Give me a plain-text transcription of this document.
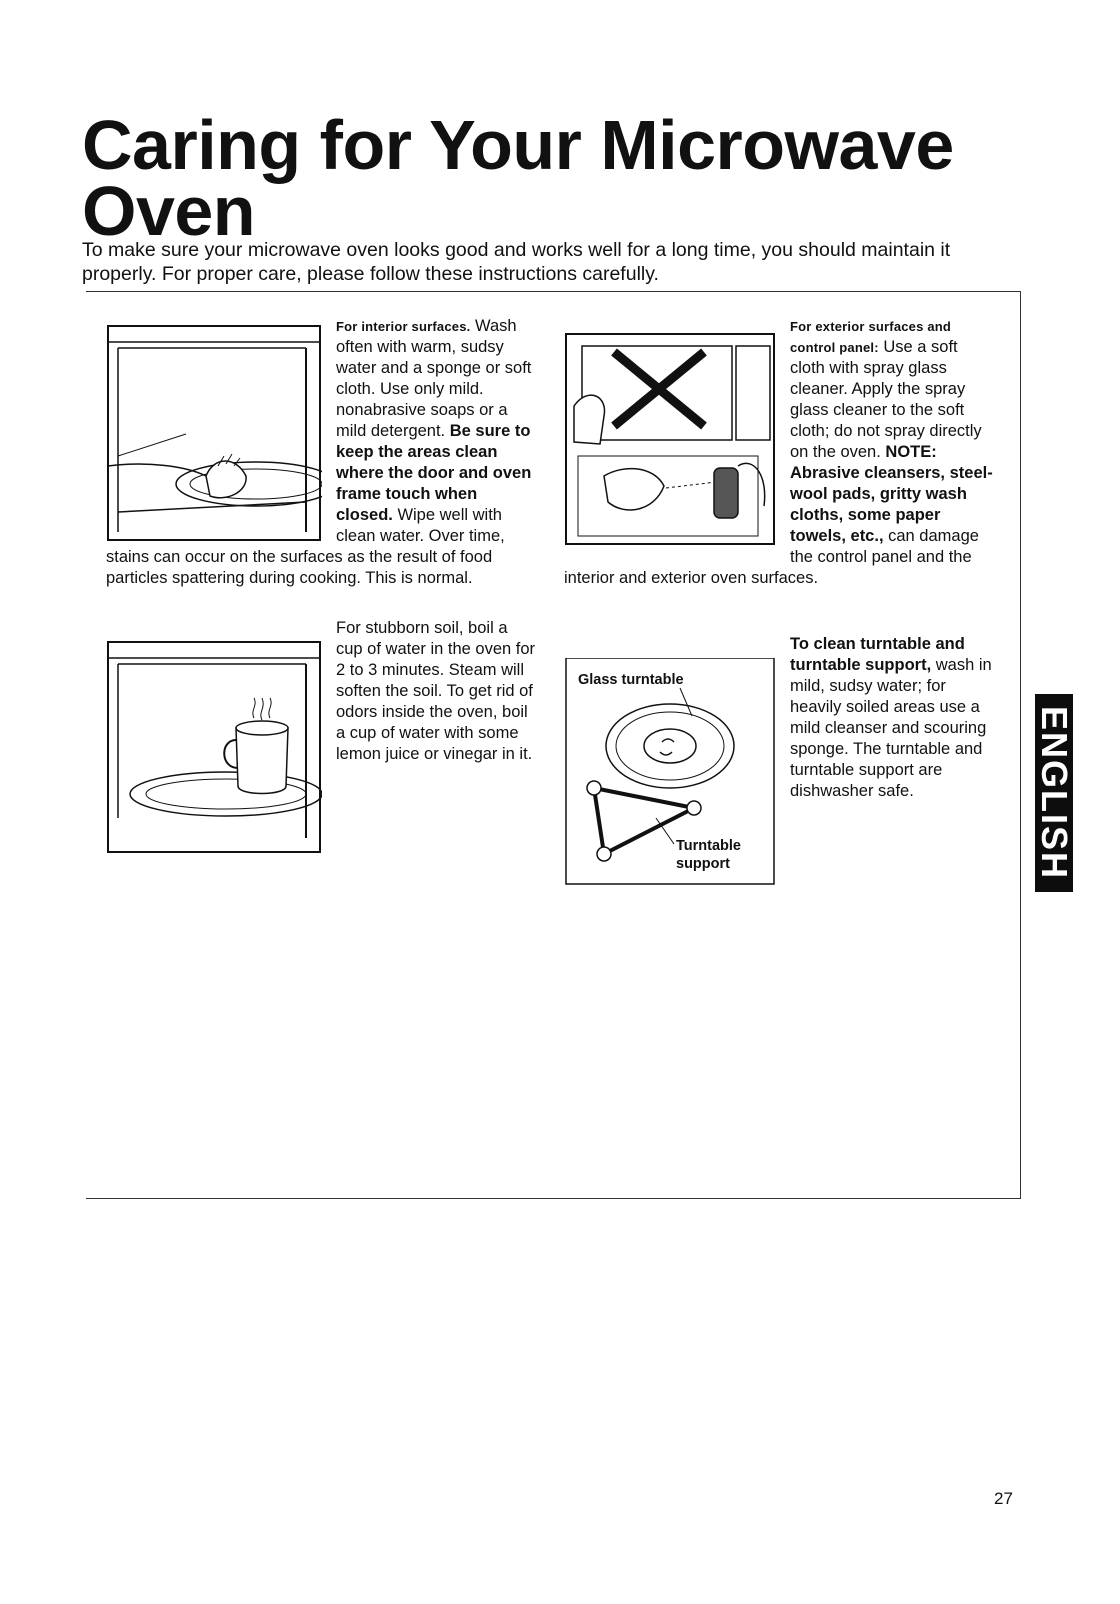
Caring for Your Microwave Oven
To make sure your microwave oven looks good and works well for a long time, you should maintain it properly. For proper care, please follow these instructions carefully.

For interior surfaces. Wash often with warm, sudsy water and a sponge or soft cloth. Use only mild. nonabrasive soaps or a mild detergent. Be sure to keep the areas clean where the door and oven frame touch when closed. Wipe well with clean water. Over time, stains can occur on the surfaces as the result of food particles spattering during cooking. This is normal.

For stubborn soil, boil a cup of water in the oven for 2 to 3 minutes. Steam will soften the soil. To get rid of odors inside the oven, boil a cup of water with some lemon juice or vinegar in it.

For exterior surfaces and control panel: Use a soft cloth with spray glass cleaner. Apply the spray glass cleaner to the soft cloth; do not spray directly on the oven. NOTE: Abrasive cleansers, steel-wool pads, gritty wash cloths, some paper towels, etc., can damage the control panel and the interior and exterior oven surfaces.

Glass turntable
Turntable
support

To clean turntable and turntable support, wash in mild, sudsy water; for heavily soiled areas use a mild cleanser and scouring sponge. The turntable and turntable support are dishwasher safe.	ENGLISH
27
